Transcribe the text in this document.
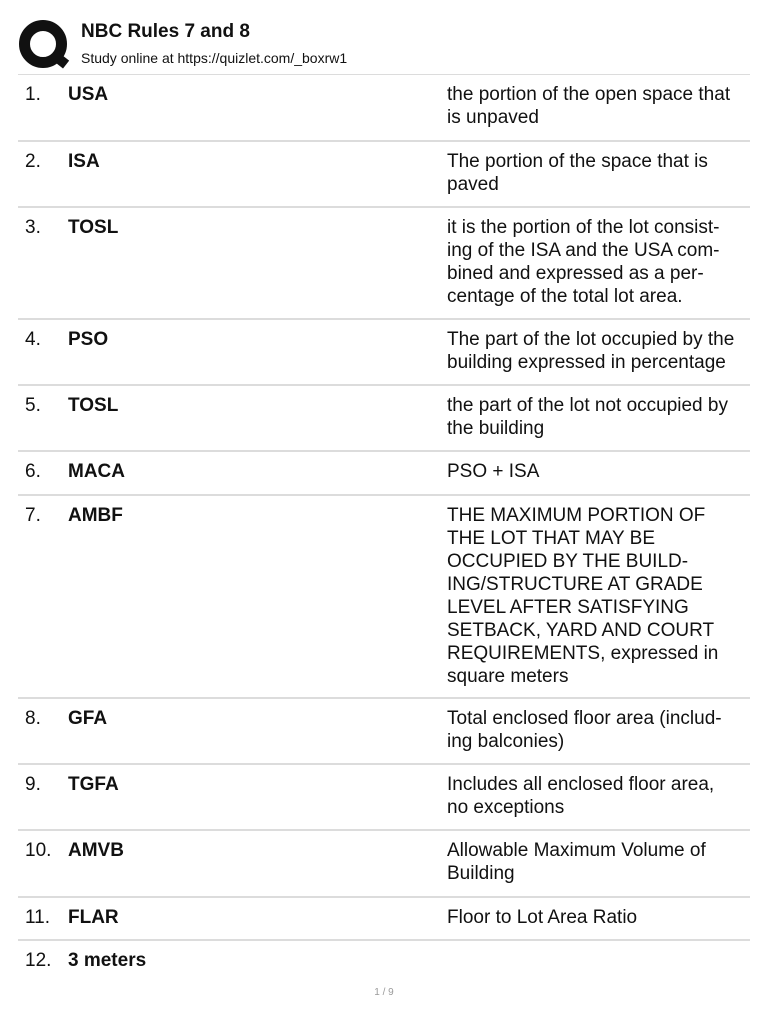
NBC Rules 7 and 8
Study online at https://quizlet.com/_boxrw1
1. USA	the portion of the open space that
is unpaved
2. ISA	The portion of the space that is
paved
3. TOSL	it is the portion of the lot consist-
ing of the ISA and the USA com-
bined and expressed as a per-
centage of the total lot area.
4. PSO	The part of the lot occupied by the
building expressed in percentage
5. TOSL	the part of the lot not occupied by
the building
6. MACA	PSO + ISA
7. AMBF	THE MAXIMUM PORTION OF
THE LOT THAT MAY BE
OCCUPIED BY THE BUILD-
ING/STRUCTURE AT GRADE
LEVEL AFTER SATISFYING
SETBACK, YARD AND COURT
REQUIREMENTS, expressed in
square meters
8. GFA	Total enclosed floor area (includ-
ing balconies)
9. TGFA	Includes all enclosed floor area,
no exceptions
10. AMVB	Allowable Maximum Volume of
Building
11. FLAR	Floor to Lot Area Ratio
12. 3 meters
1 / 9
